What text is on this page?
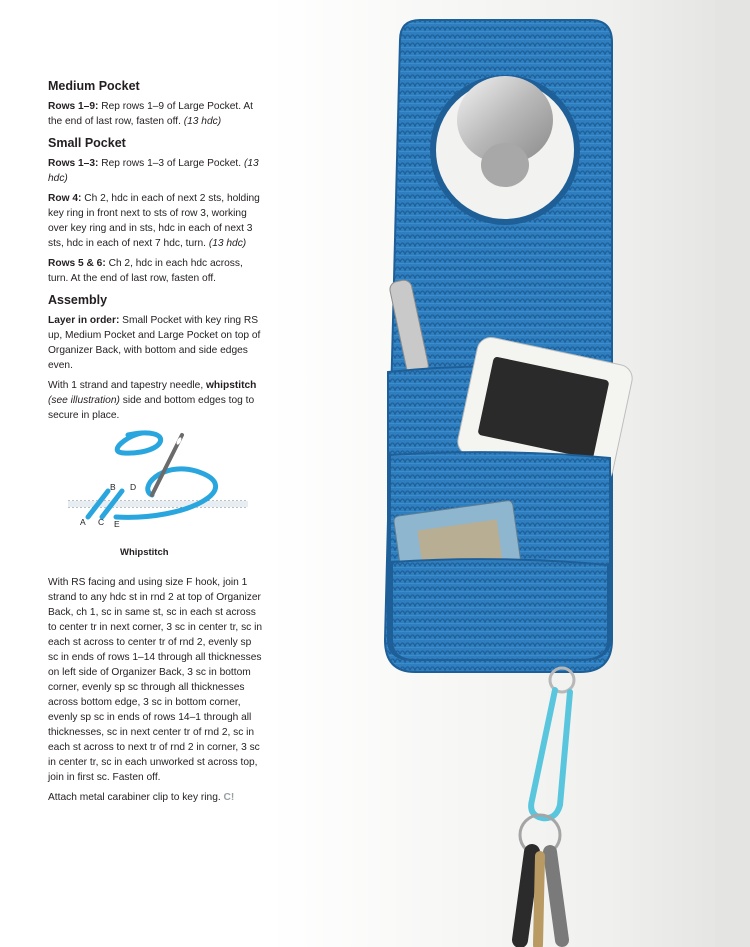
Medium Pocket

Rows 1–9: Rep rows 1–9 of Large Pocket. At the end of last row, fasten off. (13 hdc)

Small Pocket

Rows 1–3: Rep rows 1–3 of Large Pocket. (13 hdc)

Row 4: Ch 2, hdc in each of next 2 sts, holding key ring in front next to sts of row 3, working over key ring and in sts, hdc in each of next 3 sts, hdc in each of next 7 hdc, turn. (13 hdc)

Rows 5 & 6: Ch 2, hdc in each hdc across, turn. At the end of last row, fasten off.

Assembly

Layer in order: Small Pocket with key ring RS up, Medium Pocket and Large Pocket on top of Organizer Back, with bottom and side edges even.

With 1 strand and tapestry needle, whipstitch (see illustration) side and bottom edges tog to secure in place.

B D
A C E
Whipstitch

With RS facing and using size F hook, join 1 strand to any hdc st in rnd 2 at top of Organizer Back, ch 1, sc in same st, sc in each st across to center tr in next corner, 3 sc in center tr, sc in each st across to center tr of rnd 2, evenly sp sc in ends of rows 1–14 through all thicknesses on left side of Organizer Back, 3 sc in bottom corner, evenly sp sc through all thicknesses across bottom edge, 3 sc in bottom corner, evenly sp sc in ends of rows 14–1 through all thicknesses, sc in next center tr of rnd 2, sc in each st across to next tr of rnd 2 in corner, 3 sc in center tr, sc in each unworked st across top, join in first sc. Fasten off.

Attach metal carabiner clip to key ring. C!
